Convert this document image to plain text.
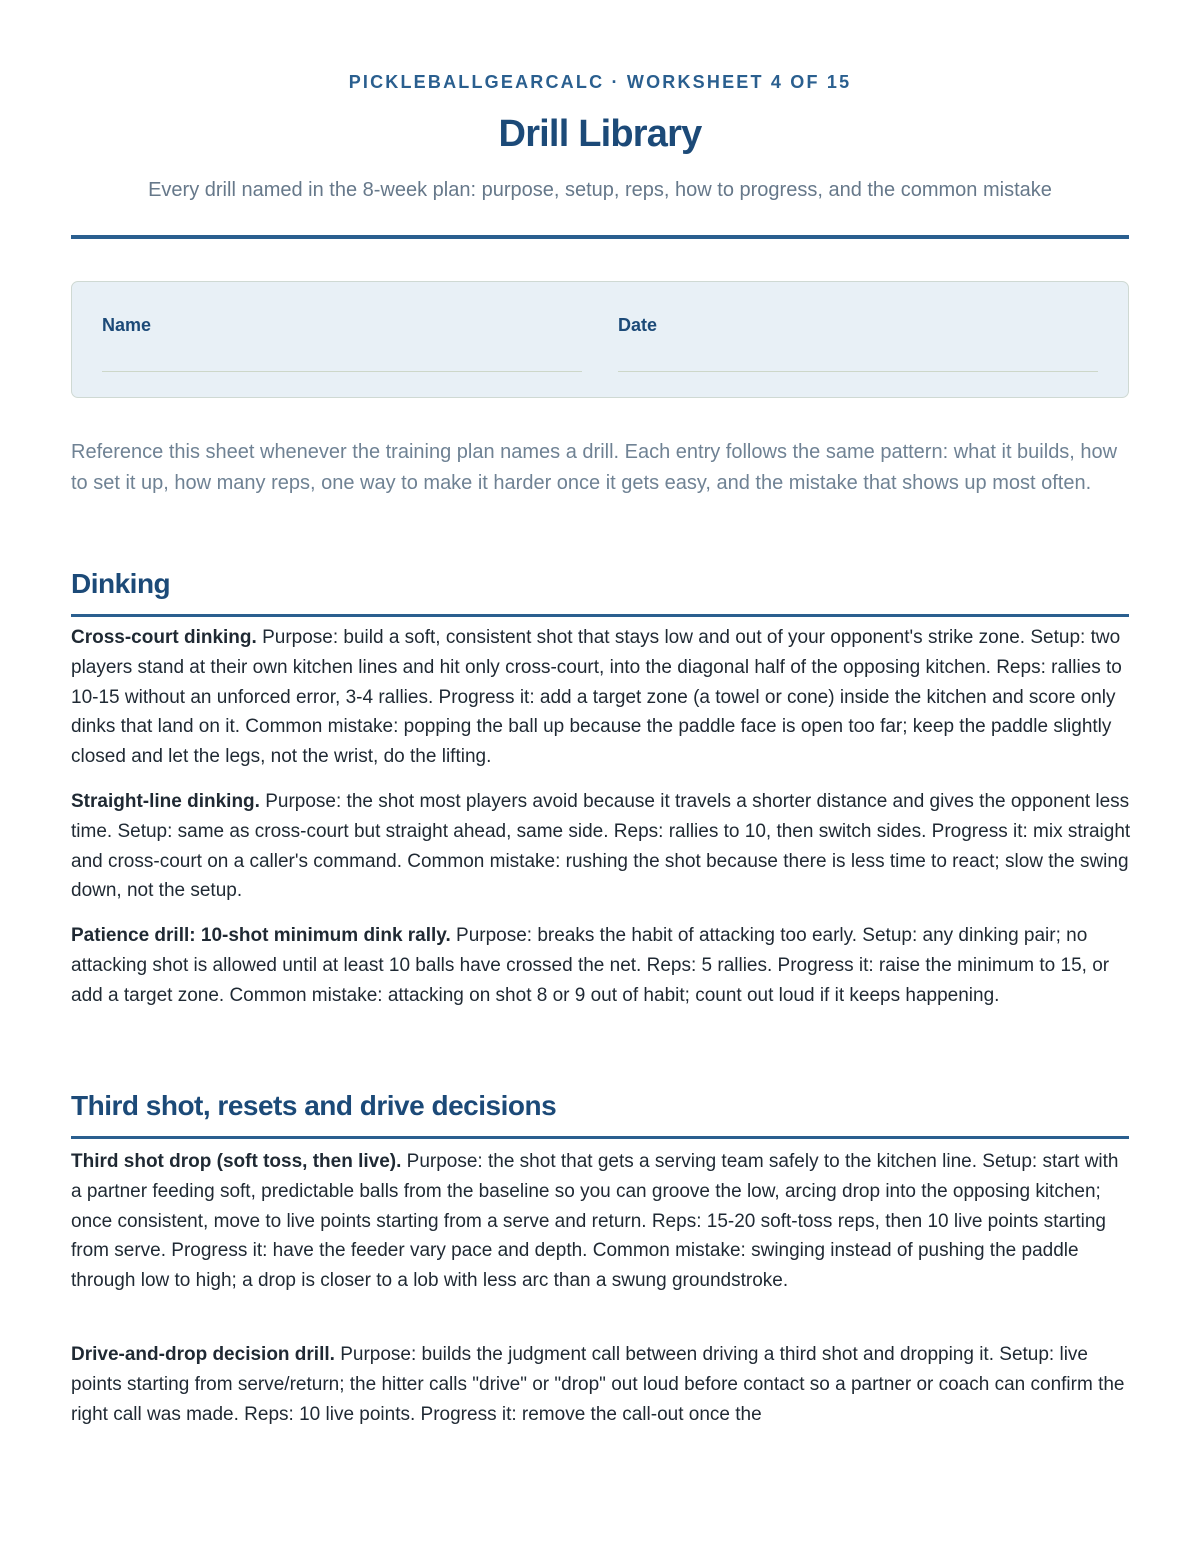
PICKLEBALLGEARCALC · WORKSHEET 4 OF 15
Drill Library
Every drill named in the 8-week plan: purpose, setup, reps, how to progress, and the common mistake
Name	Date

Reference this sheet whenever the training plan names a drill. Each entry follows the same pattern: what it builds, how to set it up, how many reps, one way to make it harder once it gets easy, and the mistake that shows up most often.

Dinking

Cross-court dinking. Purpose: build a soft, consistent shot that stays low and out of your opponent's strike zone. Setup: two players stand at their own kitchen lines and hit only cross-court, into the diagonal half of the opposing kitchen. Reps: rallies to 10-15 without an unforced error, 3-4 rallies. Progress it: add a target zone (a towel or cone) inside the kitchen and score only dinks that land on it. Common mistake: popping the ball up because the paddle face is open too far; keep the paddle slightly closed and let the legs, not the wrist, do the lifting.

Straight-line dinking. Purpose: the shot most players avoid because it travels a shorter distance and gives the opponent less time. Setup: same as cross-court but straight ahead, same side. Reps: rallies to 10, then switch sides. Progress it: mix straight and cross-court on a caller's command. Common mistake: rushing the shot because there is less time to react; slow the swing down, not the setup.

Patience drill: 10-shot minimum dink rally. Purpose: breaks the habit of attacking too early. Setup: any dinking pair; no attacking shot is allowed until at least 10 balls have crossed the net. Reps: 5 rallies. Progress it: raise the minimum to 15, or add a target zone. Common mistake: attacking on shot 8 or 9 out of habit; count out loud if it keeps happening.

Third shot, resets and drive decisions

Third shot drop (soft toss, then live). Purpose: the shot that gets a serving team safely to the kitchen line. Setup: start with a partner feeding soft, predictable balls from the baseline so you can groove the low, arcing drop into the opposing kitchen; once consistent, move to live points starting from a serve and return. Reps: 15-20 soft-toss reps, then 10 live points starting from serve. Progress it: have the feeder vary pace and depth. Common mistake: swinging instead of pushing the paddle through low to high; a drop is closer to a lob with less arc than a swung groundstroke.

Drive-and-drop decision drill. Purpose: builds the judgment call between driving a third shot and dropping it. Setup: live points starting from serve/return; the hitter calls "drive" or "drop" out loud before contact so a partner or coach can confirm the right call was made. Reps: 10 live points. Progress it: remove the call-out once the
